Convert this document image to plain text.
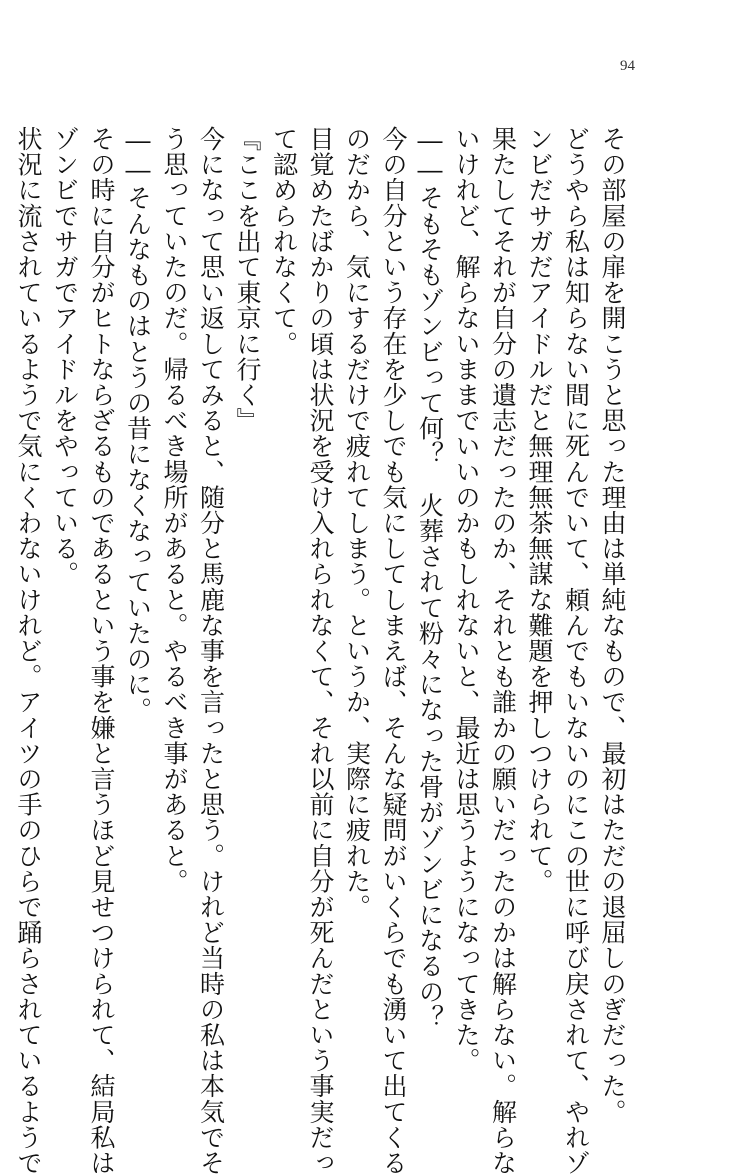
94

その部屋の扉を開こうと思った理由は単純なもので、最初はただの退屈しのぎだった。

どうやら私は知らない間に死んでいて、頼んでもいないのにこの世に呼び戻されて、やれゾ

ンビだサガだアイドルだと無理無茶無謀な難題を押しつけられて。

果たしてそれが自分の遺志だったのか、それとも誰かの願いだったのかは解らない。解らな

いけれど、解らないままでいいのかもしれないと、最近は思うようになってきた。

――そもそもゾンビって何？　火葬されて粉々になった骨がゾンビになるの？

今の自分という存在を少しでも気にしてしまえば、そんな疑問がいくらでも湧いて出てくる

のだから、気にするだけで疲れてしまう。というか、実際に疲れた。

目覚めたばかりの頃は状況を受け入れられなくて、それ以前に自分が死んだという事実だっ

て認められなくて。

『ここを出て東京に行く』

今になって思い返してみると、随分と馬鹿な事を言ったと思う。けれど当時の私は本気でそ

う思っていたのだ。帰るべき場所があると。やるべき事があると。

――そんなものはとうの昔になくなっていたのに。

その時に自分がヒトならざるものであるという事を嫌と言うほど見せつけられて、結局私は

ゾンビでサガでアイドルをやっている。

状況に流されているようで気にくわないけれど。アイツの手のひらで踊らされているようで
